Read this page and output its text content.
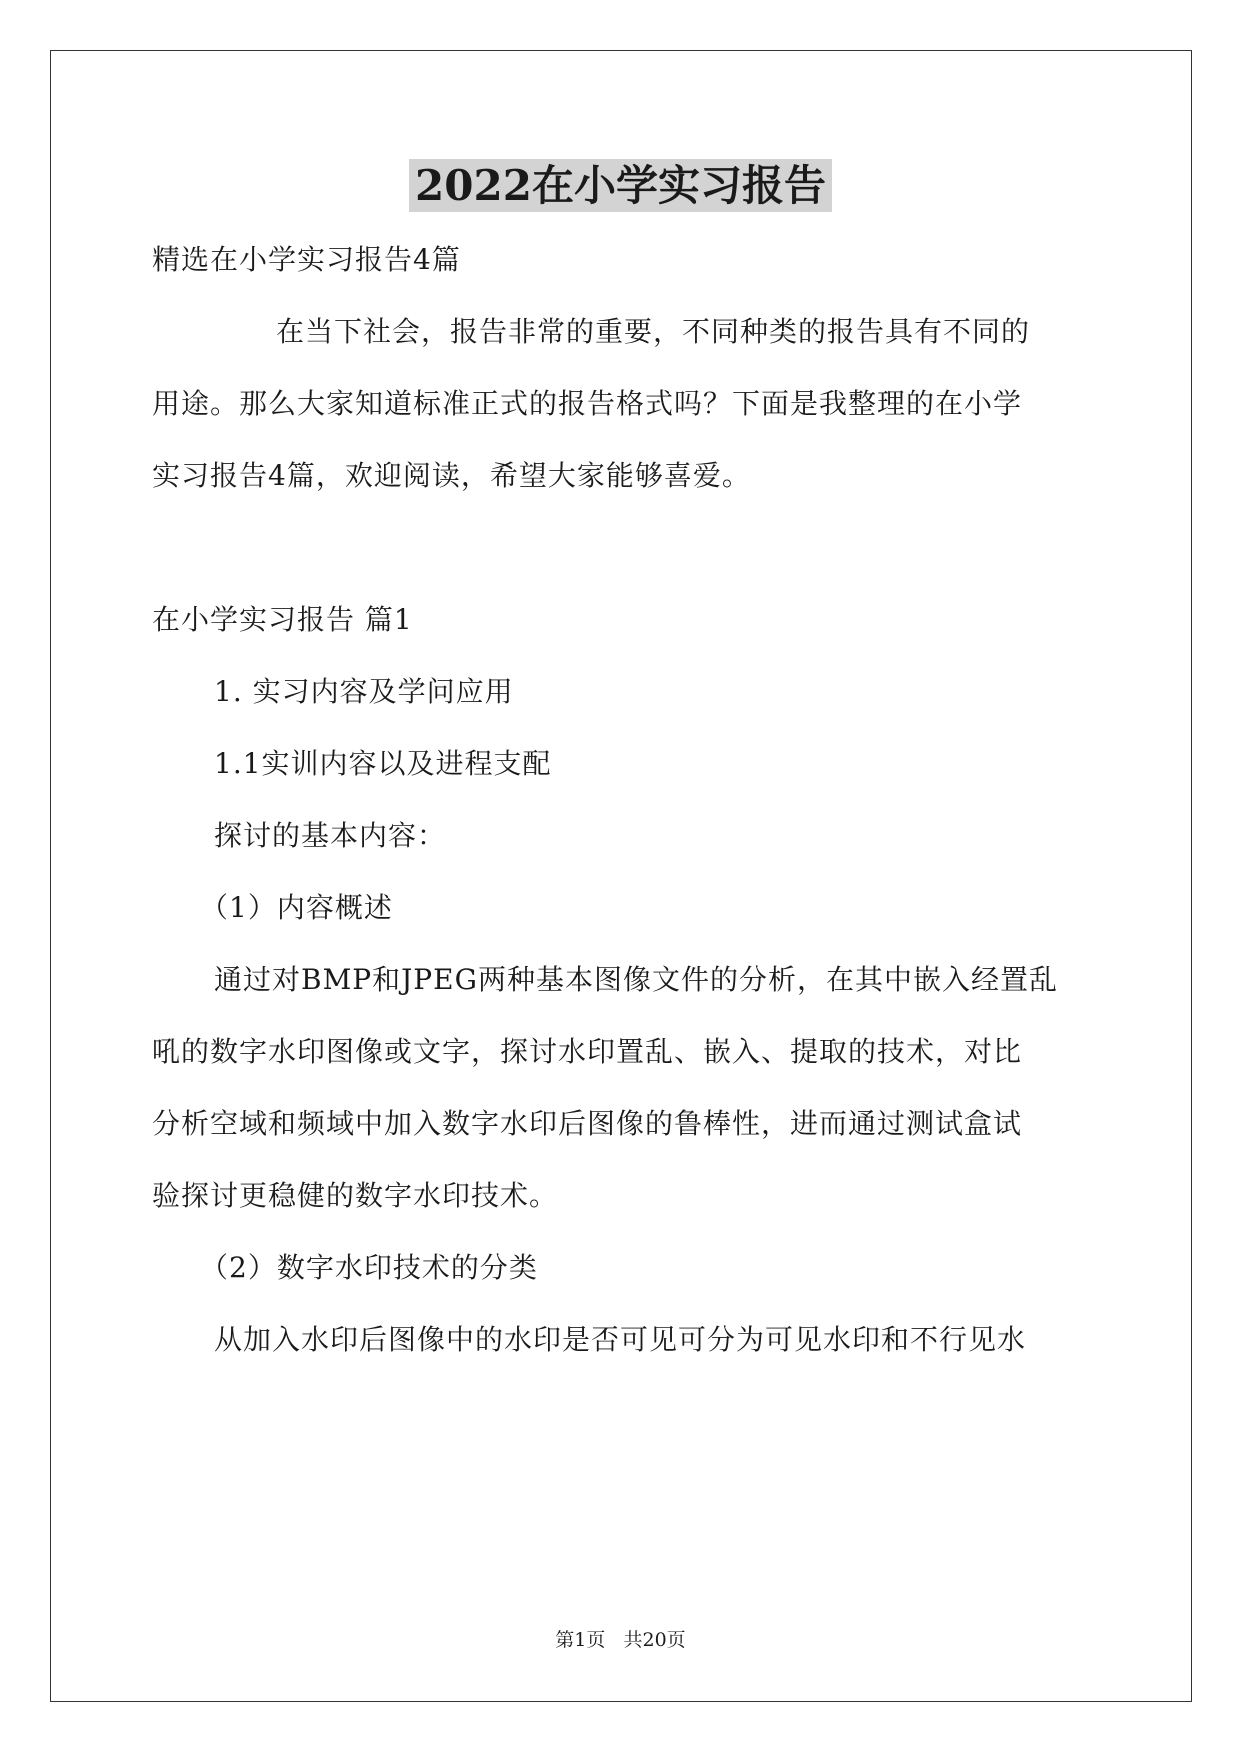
2022在小学实习报告
精选在小学实习报告4篇
在当下社会，报告非常的重要，不同种类的报告具有不同的
用途。那么大家知道标准正式的报告格式吗？下面是我整理的在小学
实习报告4篇，欢迎阅读，希望大家能够喜爱。
在小学实习报告 篇1
1. 实习内容及学问应用
1.1实训内容以及进程支配
探讨的基本内容：
（1）内容概述
通过对BMP和JPEG两种基本图像文件的分析，在其中嵌入经置乱
吼的数字水印图像或文字，探讨水印置乱、嵌入、提取的技术，对比
分析空域和频域中加入数字水印后图像的鲁棒性，进而通过测试盒试
验探讨更稳健的数字水印技术。
（2）数字水印技术的分类
从加入水印后图像中的水印是否可见可分为可见水印和不行见水
第1页   共20页
